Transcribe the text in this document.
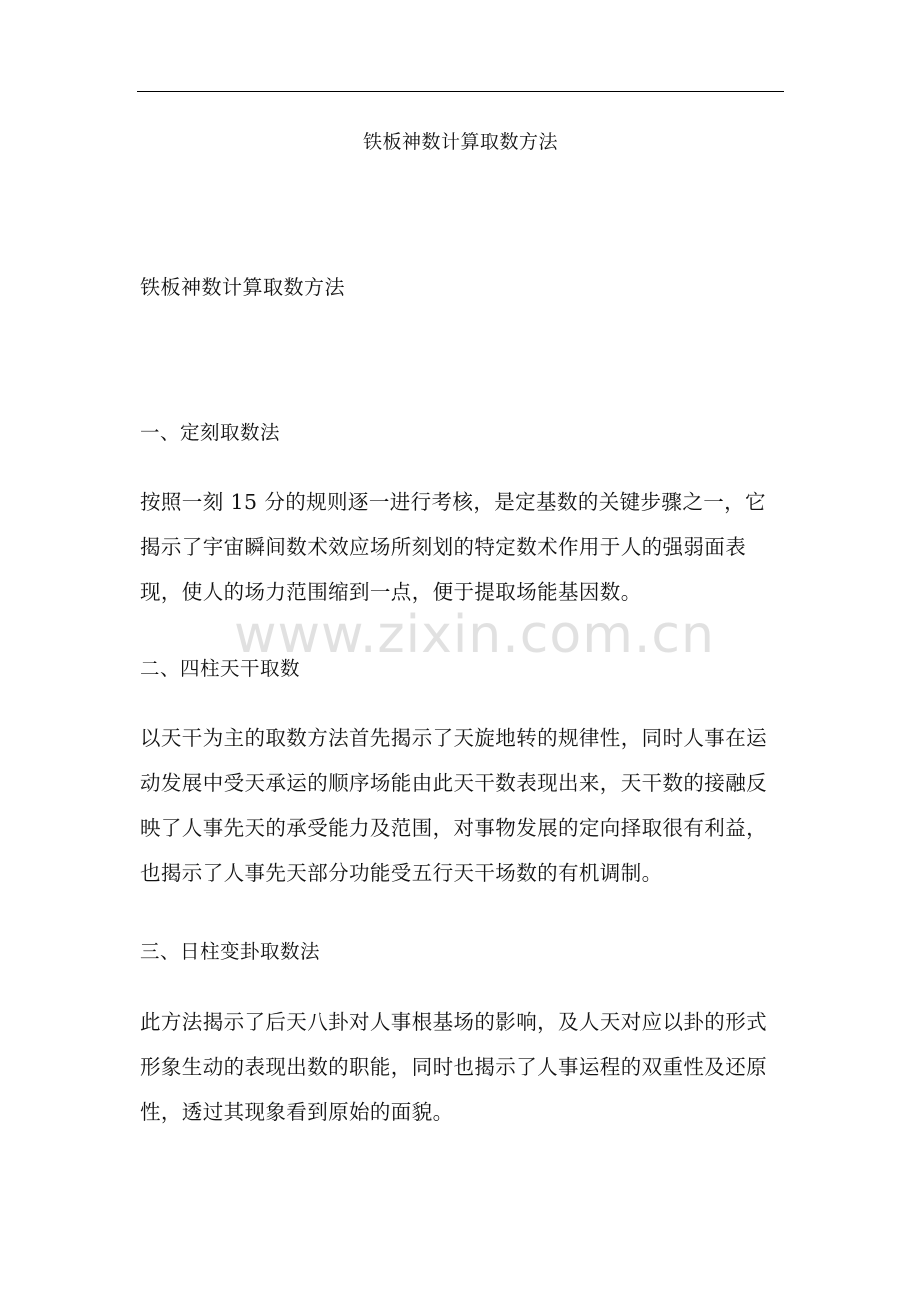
铁板神数计算取数方法
铁板神数计算取数方法
一、定刻取数法
按照一刻 15 分的规则逐一进行考核，是定基数的关键步骤之一，它
揭示了宇宙瞬间数术效应场所刻划的特定数术作用于人的强弱面表
现，使人的场力范围缩到一点，便于提取场能基因数。
二、四柱天干取数
以天干为主的取数方法首先揭示了天旋地转的规律性，同时人事在运
动发展中受天承运的顺序场能由此天干数表现出来，天干数的接融反
映了人事先天的承受能力及范围，对事物发展的定向择取很有利益，
也揭示了人事先天部分功能受五行天干场数的有机调制。
三、日柱变卦取数法
此方法揭示了后天八卦对人事根基场的影响，及人天对应以卦的形式
形象生动的表现出数的职能，同时也揭示了人事运程的双重性及还原
性，透过其现象看到原始的面貌。
www.zixin.com.cn
